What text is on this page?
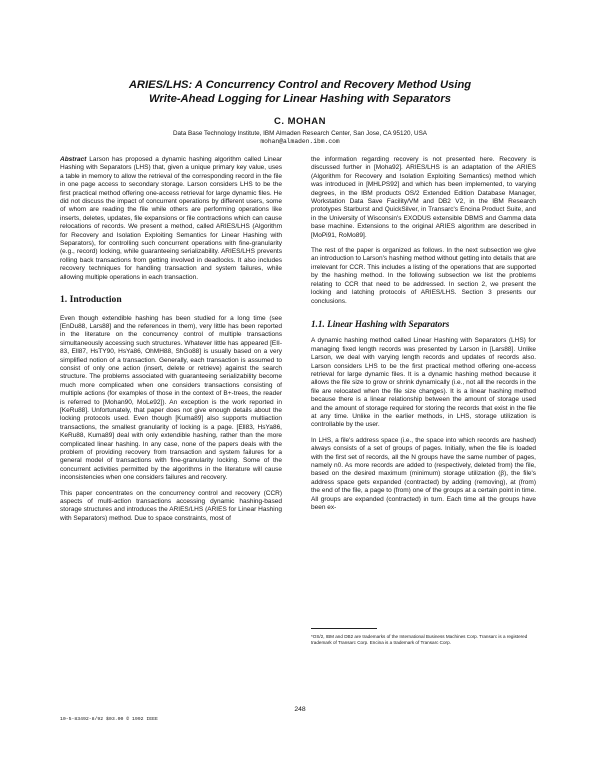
ARIES/LHS: A Concurrency Control and Recovery Method Using

Write-Ahead Logging for Linear Hashing with Separators

C. MOHAN

Data Base Technology Institute, IBM Almaden Research Center, San Jose, CA 95120, USA

mohan@almaden.ibm.com

Abstract Larson has proposed a dynamic hashing algorithm called Linear Hashing with Separators (LHS) that, given a unique primary key value, uses a table in memory to allow the retrieval of the corresponding record in the file in one page access to secondary storage. Larson considers LHS to be the first practical method offering one-access retrieval for large dynamic files. He did not discuss the impact of concurrent operations by different users, some of whom are reading the file while others are performing operations like inserts, deletes, updates, file expansions or file contractions which can cause relocations of records. We present a method, called ARIES/LHS (Algorithm for Recovery and Isolation Exploiting Semantics for Linear Hashing with Separators), for controlling such concurrent operations with fine-granularity (e.g., record) locking, while guaranteeing serializability. ARIES/LHS prevents rolling back transactions from getting involved in deadlocks. It also includes recovery techniques for handling transaction and system failures, while allowing multiple operations in each transaction.

1. Introduction

Even though extendible hashing has been studied for a long time (see [EnDu88, Lars88] and the references in them), very little has been reported in the literature on the concurrency control of multiple transactions simultaneously accessing such structures. Whatever little has appeared [EII-83, Ell87, HsTY90, HsYa86, OhMH88, ShGo88] is usually based on a very simplified notion of a transaction. Generally, each transaction is assumed to consist of only one action (insert, delete or retrieve) against the search structure. The problems associated with guaranteeing serializability become much more complicated when one considers transactions consisting of multiple actions (for examples of those in the context of B+-trees, the reader is referred to [Mohan90, MoLe92]). An exception is the work reported in [KeRu88]. Unfortunately, that paper does not give enough details about the locking protocols used. Even though [Kuma89] also supports multiaction transactions, the smallest granularity of locking is a page. [Ell83, HsYa86, KeRu88, Kuma89] deal with only extendible hashing, rather than the more complicated linear hashing. In any case, none of the papers deals with the problem of providing recovery from transaction and system failures for a general model of transactions with fine-granularity locking. Some of the concurrent activities permitted by the algorithms in the literature will cause inconsistencies when one considers failures and recovery.

This paper concentrates on the concurrency control and recovery (CCR) aspects of multi-action transactions accessing dynamic hashing-based storage structures and introduces the ARIES/LHS (ARIES for Linear Hashing with Separators) method. Due to space constraints, most of

the information regarding recovery is not presented here. Recovery is discussed further in [Moha92]. ARIES/LHS is an adaptation of the ARIES (Algorithm for Recovery and Isolation Exploiting Semantics) method which was introduced in [MHLPS92] and which has been implemented, to varying degrees, in the IBM products OS/2 Extended Edition Database Manager, Workstation Data Save Facility/VM and DB2 V2, in the IBM Research prototypes Starburst and QuickSilver, in Transarc's Encina Product Suite, and in the University of Wisconsin's EXODUS extensible DBMS and Gamma data base machine. Extensions to the original ARIES algorithm are described in [MoPi91, RoMo89].

The rest of the paper is organized as follows. In the next subsection we give an introduction to Larson's hashing method without getting into details that are irrelevant for CCR. This includes a listing of the operations that are supported by the hashing method. In the following subsection we list the problems relating to CCR that need to be addressed. In section 2, we present the locking and latching protocols of ARIES/LHS. Section 3 presents our conclusions.

1.1. Linear Hashing with Separators

A dynamic hashing method called Linear Hashing with Separators (LHS) for managing fixed length records was presented by Larson in [Lars88]. Unlike Larson, we deal with varying length records and updates of records also. Larson considers LHS to be the first practical method offering one-access retrieval for large dynamic files. It is a dynamic hashing method because it allows the file size to grow or shrink dynamically (i.e., not all the records in the file are relocated when the file size changes). It is a linear hashing method because there is a linear relationship between the amount of storage used and the amount of storage required for storing the records that exist in the file at any time. Unlike in the earlier methods, in LHS, storage utilization is controllable by the user.

In LHS, a file's address space (i.e., the space into which records are hashed) always consists of a set of groups of pages. Initially, when the file is loaded with the first set of records, all the N groups have the same number of pages, namely n0. As more records are added to (respectively, deleted from) the file, based on the desired maximum (minimum) storage utilization (β), the file's address space gets expanded (contracted) by adding (removing), at (from) the end of the file, a page to (from) one of the groups at a certain point in time. All groups are expanded (contracted) in turn. Each time all the groups have been ex-

*OS/2, IBM and DB2 are trademarks of the International Business Machines Corp. Transarc is a registered trademark of Transarc Corp. Encina is a trademark of Transarc Corp.

248
10-5-83492-8/92 $03.00 © 1992 IEEE
